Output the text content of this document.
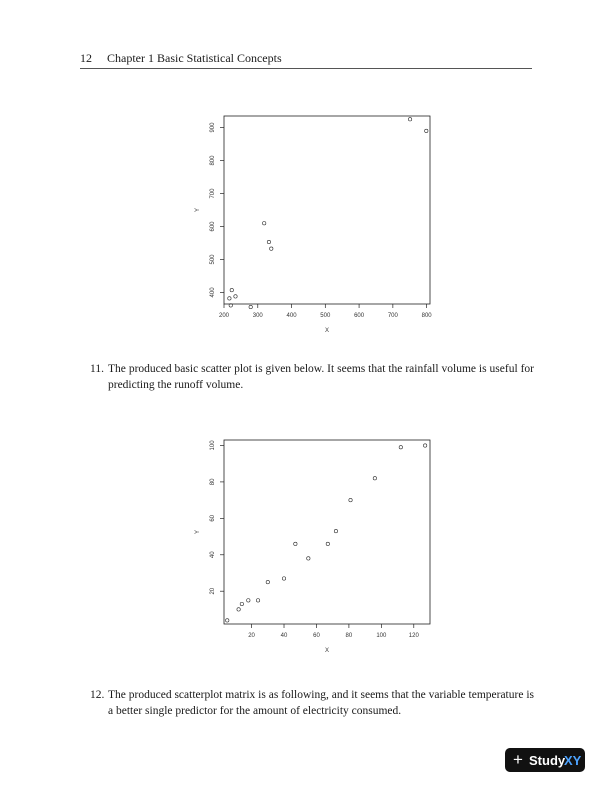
12 Chapter 1 Basic Statistical Concepts
200	300	400	500	600	700	800
400
500
600
700
800
900
X
Y
11. The produced basic scatter plot is given below. It seems that the rainfall volume is useful for predicting the runoff volume.
20	40	60	80	100	120
20
40
60
80
100
X
Y
12. The produced scatterplot matrix is as following, and it seems that the variable temperature is a better single predictor for the amount of electricity consumed.
+ Study
XY
